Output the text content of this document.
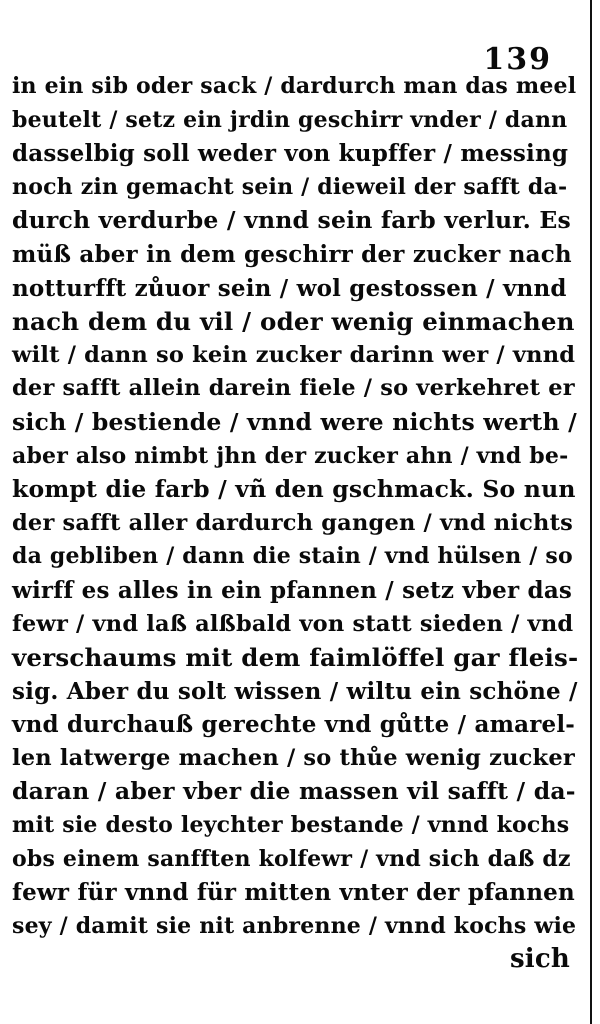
139
in ein sib oder sack / dardurch man das meel
beutelt / setz ein jrdin geschirr vnder / dann
dasselbig soll weder von kupffer / messing
noch zin gemacht sein / dieweil der safft da-
durch verdurbe / vnnd sein farb verlur. Es
müß aber in dem geschirr der zucker nach
notturfft zůuor sein / wol gestossen / vnnd
nach dem du vil / oder wenig einmachen
wilt / dann so kein zucker darinn wer / vnnd
der safft allein darein fiele / so verkehret er
sich / bestiende / vnnd were nichts werth /
aber also nimbt jhn der zucker ahn / vnd be-
kompt die farb / vñ den gschmack. So nun
der safft aller dardurch gangen / vnd nichts
da gebliben / dann die stain / vnd hülsen / so
wirff es alles in ein pfannen / setz vber das
fewr / vnd laß alßbald von statt sieden / vnd
verschaums mit dem faimlöffel gar fleis-
sig. Aber du solt wissen / wiltu ein schöne /
vnd durchauß gerechte vnd gůtte / amarel-
len latwerge machen / so thůe wenig zucker
daran / aber vber die massen vil safft / da-
mit sie desto leychter bestande / vnnd kochs
obs einem sanfften kolfewr / vnd sich daß dz
fewr für vnnd für mitten vnter der pfannen
sey / damit sie nit anbrenne / vnnd kochs wie
sich
